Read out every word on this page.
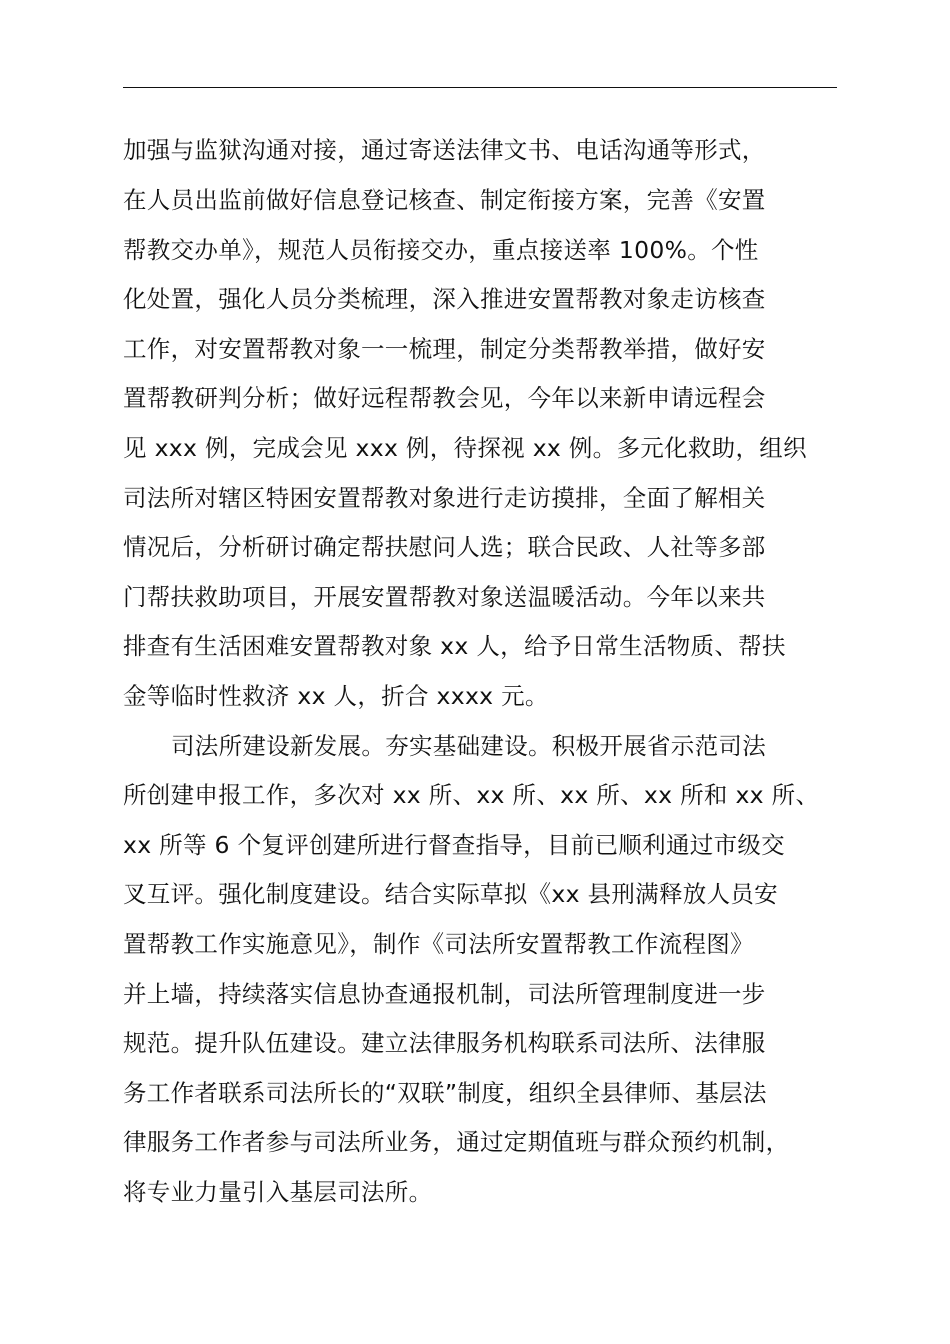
加强与监狱沟通对接，通过寄送法律文书、电话沟通等形式，
在人员出监前做好信息登记核查、制定衔接方案，完善《安置
帮教交办单》，规范人员衔接交办，重点接送率 100%。个性
化处置，强化人员分类梳理，深入推进安置帮教对象走访核查
工作，对安置帮教对象一一梳理，制定分类帮教举措，做好安
置帮教研判分析；做好远程帮教会见，今年以来新申请远程会
见 xxx 例，完成会见 xxx 例，待探视 xx 例。多元化救助，组织
司法所对辖区特困安置帮教对象进行走访摸排，全面了解相关
情况后，分析研讨确定帮扶慰问人选；联合民政、人社等多部
门帮扶救助项目，开展安置帮教对象送温暖活动。今年以来共
排查有生活困难安置帮教对象 xx 人，给予日常生活物质、帮扶
金等临时性救济 xx 人，折合 xxxx 元。
司法所建设新发展。夯实基础建设。积极开展省示范司法
所创建申报工作，多次对 xx 所、xx 所、xx 所、xx 所和 xx 所、
xx 所等 6 个复评创建所进行督查指导，目前已顺利通过市级交
叉互评。强化制度建设。结合实际草拟《xx 县刑满释放人员安
置帮教工作实施意见》，制作《司法所安置帮教工作流程图》
并上墙，持续落实信息协查通报机制，司法所管理制度进一步
规范。提升队伍建设。建立法律服务机构联系司法所、法律服
务工作者联系司法所长的“双联”制度，组织全县律师、基层法
律服务工作者参与司法所业务，通过定期值班与群众预约机制，
将专业力量引入基层司法所。
